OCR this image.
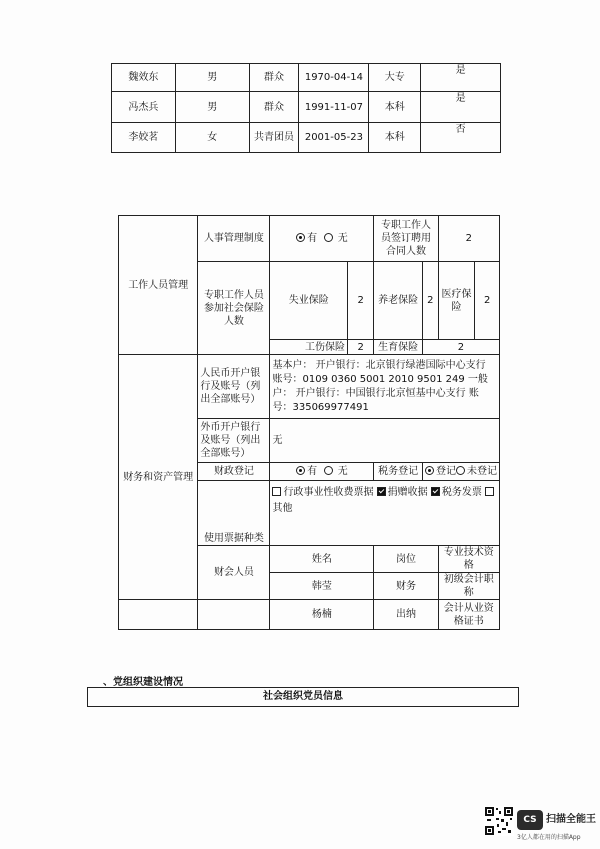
魏效东	男	群众	1970-04-14	大专	是
冯杰兵	男	群众	1991-11-07	本科	是
李姣茗	女	共青团员	2001-05-23	本科	否
工作人员管理	人事管理制度	有 无		专职工作人员签订聘用合同人数		2	
	专职工作人员参加社会保险人数	失业保险	2	养老保险	2	医疗保险	2
		工伤保险	2	生育保险	2		
财务和资产管理	人民币开户银行及账号（列出全部账号）	基本户： 开户银行：北京银行绿港国际中心支行 账号：0109 0360 5001 2010 9501 249 一般户： 开户银行：中国银行北京恒基中心支行 账号：335069977491					
	外币开户银行及账号（列出全部账号）	无					
	财政登记	有 无		税务登记	登记 未登记		
	使用票据种类	行政事业性收费票据 捐赠收据 税务发票 其他					
	财会人员	姓名		岗位		专业技术资格	
		韩莹		财务		初级会计职称	
		杨楠		出纳		会计从业资格证书	
、党组织建设情况
社会组织党员信息
CS 扫描全能王
3亿人都在用的扫描App
